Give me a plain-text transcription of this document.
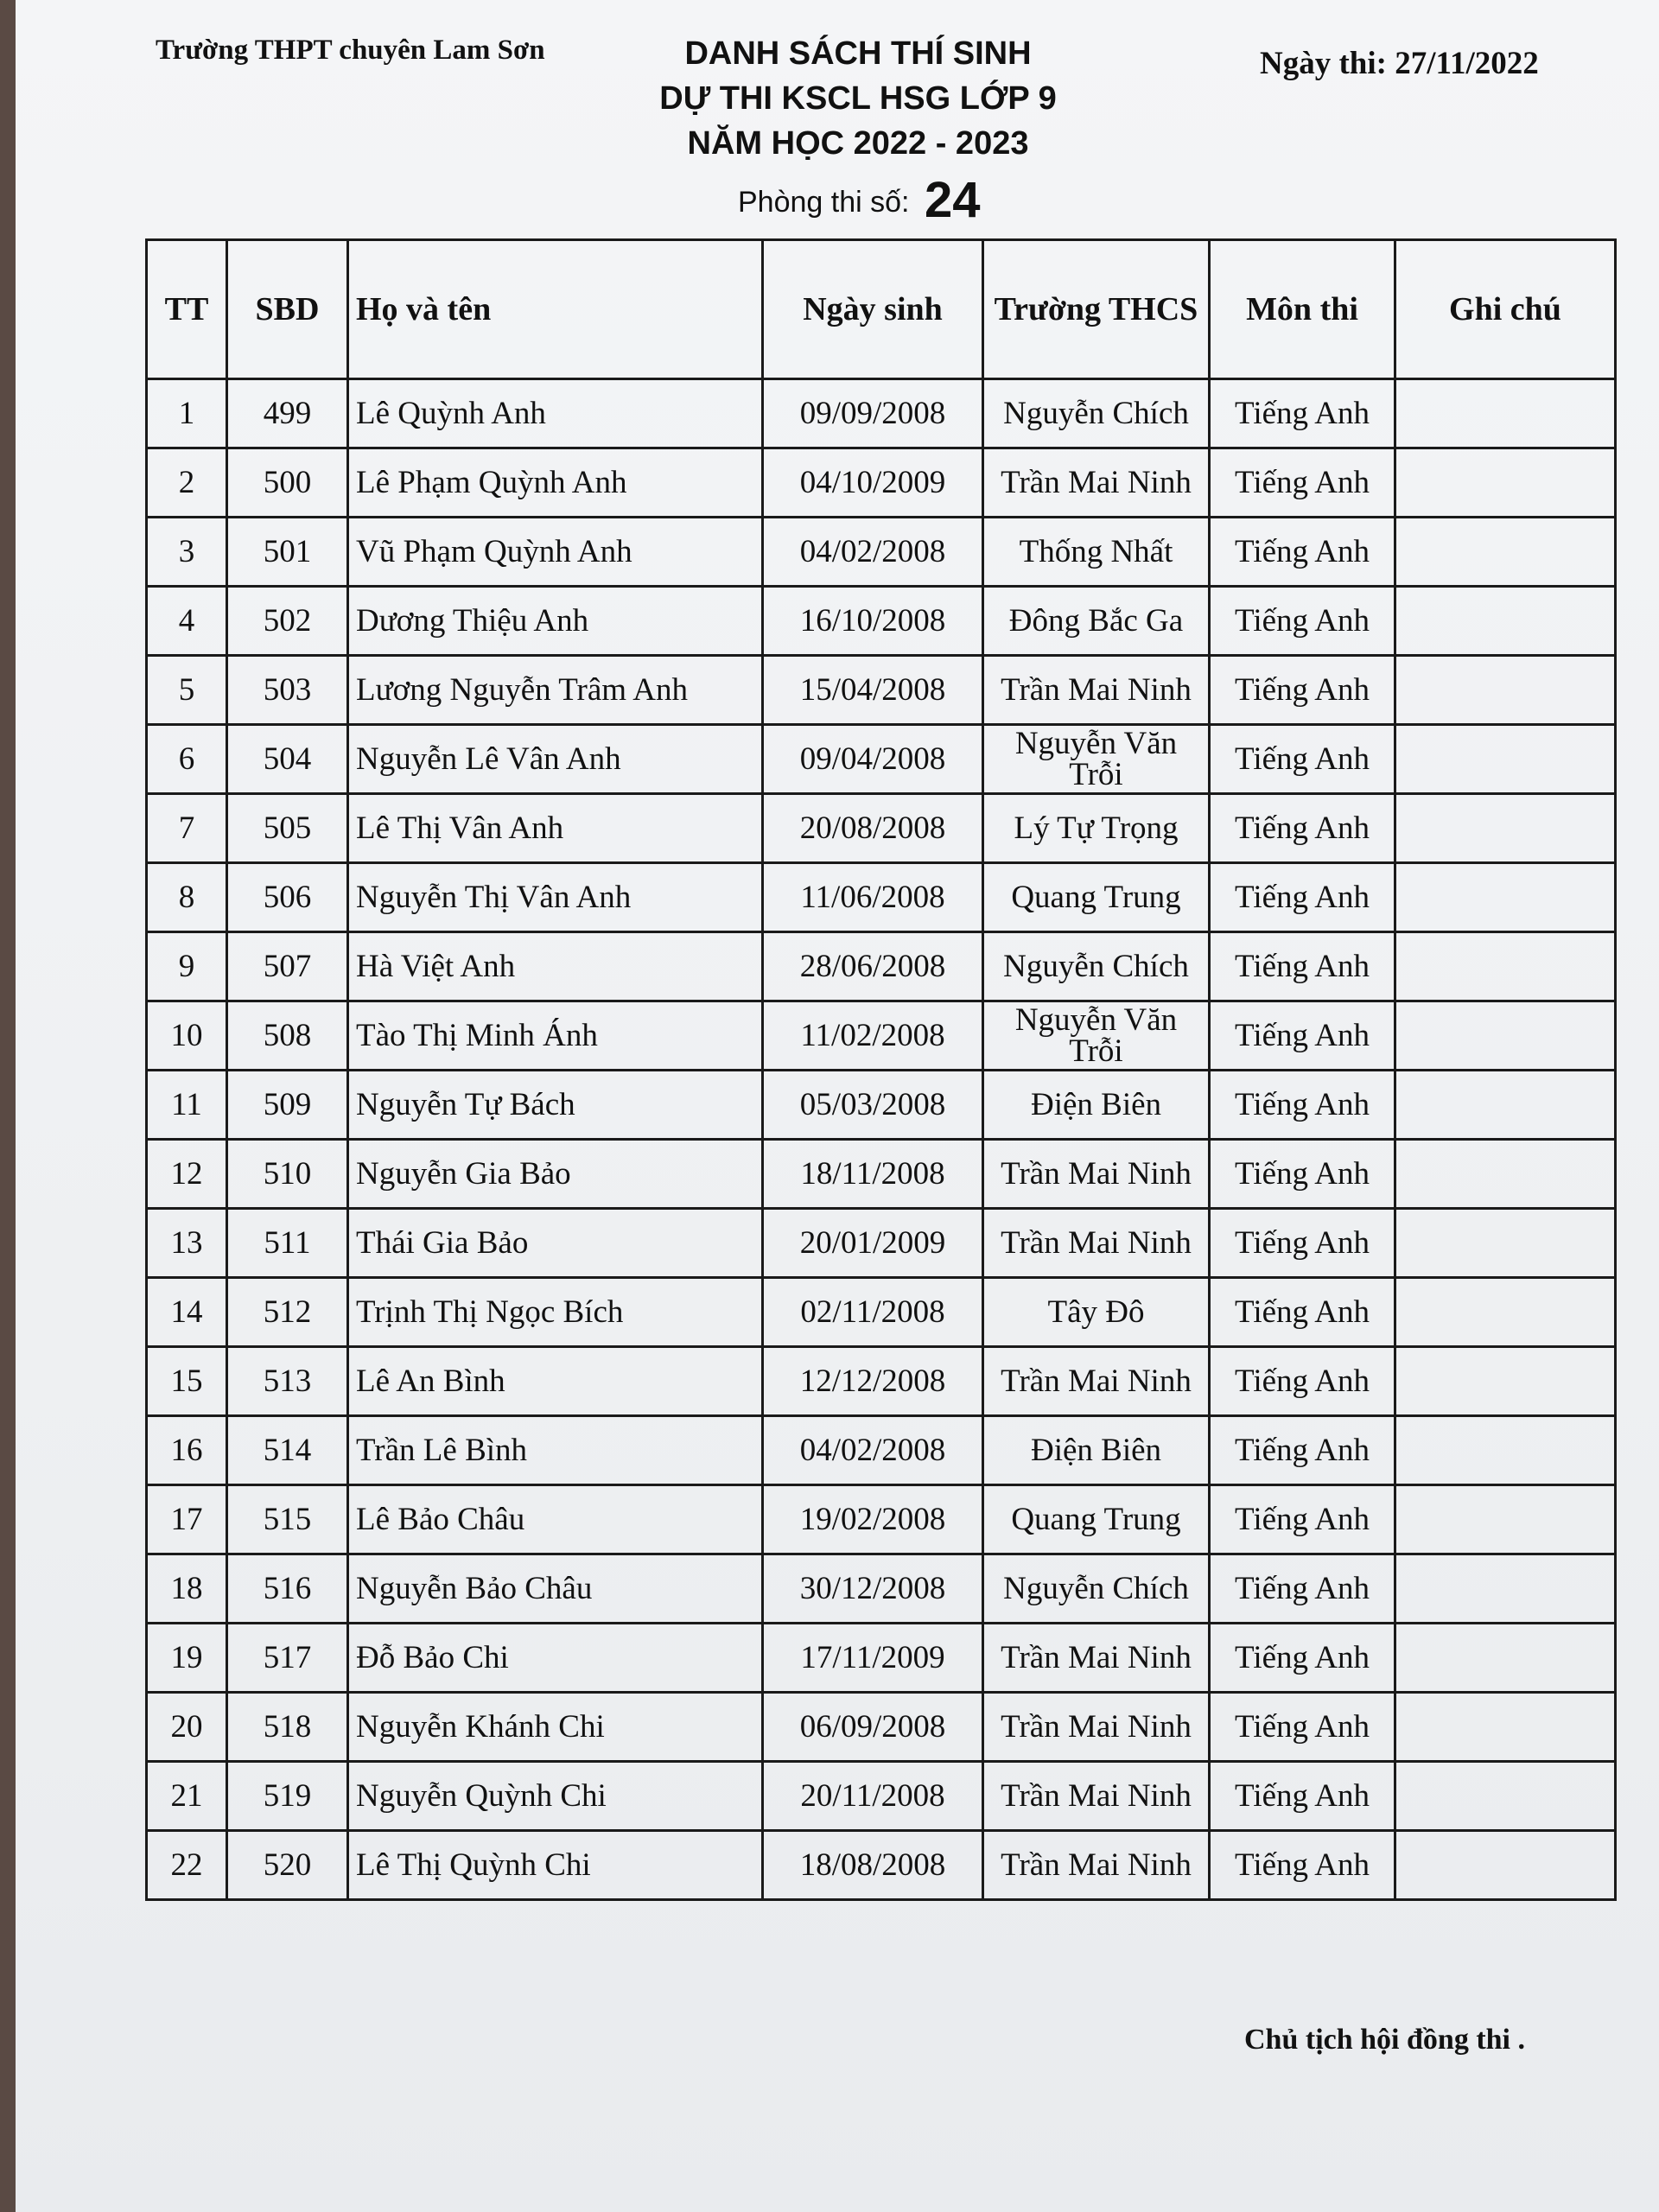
Trường THPT chuyên Lam Sơn	DANH SÁCH THÍ SINH
DỰ THI KSCL HSG LỚP 9
NĂM HỌC 2022 - 2023
Ngày thi: 27/11/2022
Phòng thi số: 24
TT	SBD	Họ và tên	Ngày sinh	Trường THCS	Môn thi	Ghi chú
1	499	Lê Quỳnh Anh	09/09/2008	Nguyễn Chích	Tiếng Anh	
2	500	Lê Phạm Quỳnh Anh	04/10/2009	Trần Mai Ninh	Tiếng Anh	
3	501	Vũ Phạm Quỳnh Anh	04/02/2008	Thống Nhất	Tiếng Anh	
4	502	Dương Thiệu Anh	16/10/2008	Đông Bắc Ga	Tiếng Anh	
5	503	Lương Nguyễn Trâm Anh	15/04/2008	Trần Mai Ninh	Tiếng Anh	
6	504	Nguyễn Lê Vân Anh	09/04/2008	Nguyễn Văn Trỗi	Tiếng Anh	
7	505	Lê Thị Vân Anh	20/08/2008	Lý Tự Trọng	Tiếng Anh	
8	506	Nguyễn Thị Vân Anh	11/06/2008	Quang Trung	Tiếng Anh	
9	507	Hà Việt Anh	28/06/2008	Nguyễn Chích	Tiếng Anh	
10	508	Tào Thị Minh Ánh	11/02/2008	Nguyễn Văn Trỗi	Tiếng Anh	
11	509	Nguyễn Tự Bách	05/03/2008	Điện Biên	Tiếng Anh	
12	510	Nguyễn Gia Bảo	18/11/2008	Trần Mai Ninh	Tiếng Anh	
13	511	Thái Gia Bảo	20/01/2009	Trần Mai Ninh	Tiếng Anh	
14	512	Trịnh Thị Ngọc Bích	02/11/2008	Tây Đô	Tiếng Anh	
15	513	Lê An Bình	12/12/2008	Trần Mai Ninh	Tiếng Anh	
16	514	Trần Lê Bình	04/02/2008	Điện Biên	Tiếng Anh	
17	515	Lê Bảo Châu	19/02/2008	Quang Trung	Tiếng Anh	
18	516	Nguyễn Bảo Châu	30/12/2008	Nguyễn Chích	Tiếng Anh	
19	517	Đỗ Bảo Chi	17/11/2009	Trần Mai Ninh	Tiếng Anh	
20	518	Nguyễn Khánh Chi	06/09/2008	Trần Mai Ninh	Tiếng Anh	
21	519	Nguyễn Quỳnh Chi	20/11/2008	Trần Mai Ninh	Tiếng Anh	
22	520	Lê Thị Quỳnh Chi	18/08/2008	Trần Mai Ninh	Tiếng Anh	
Chủ tịch hội đồng thi .
